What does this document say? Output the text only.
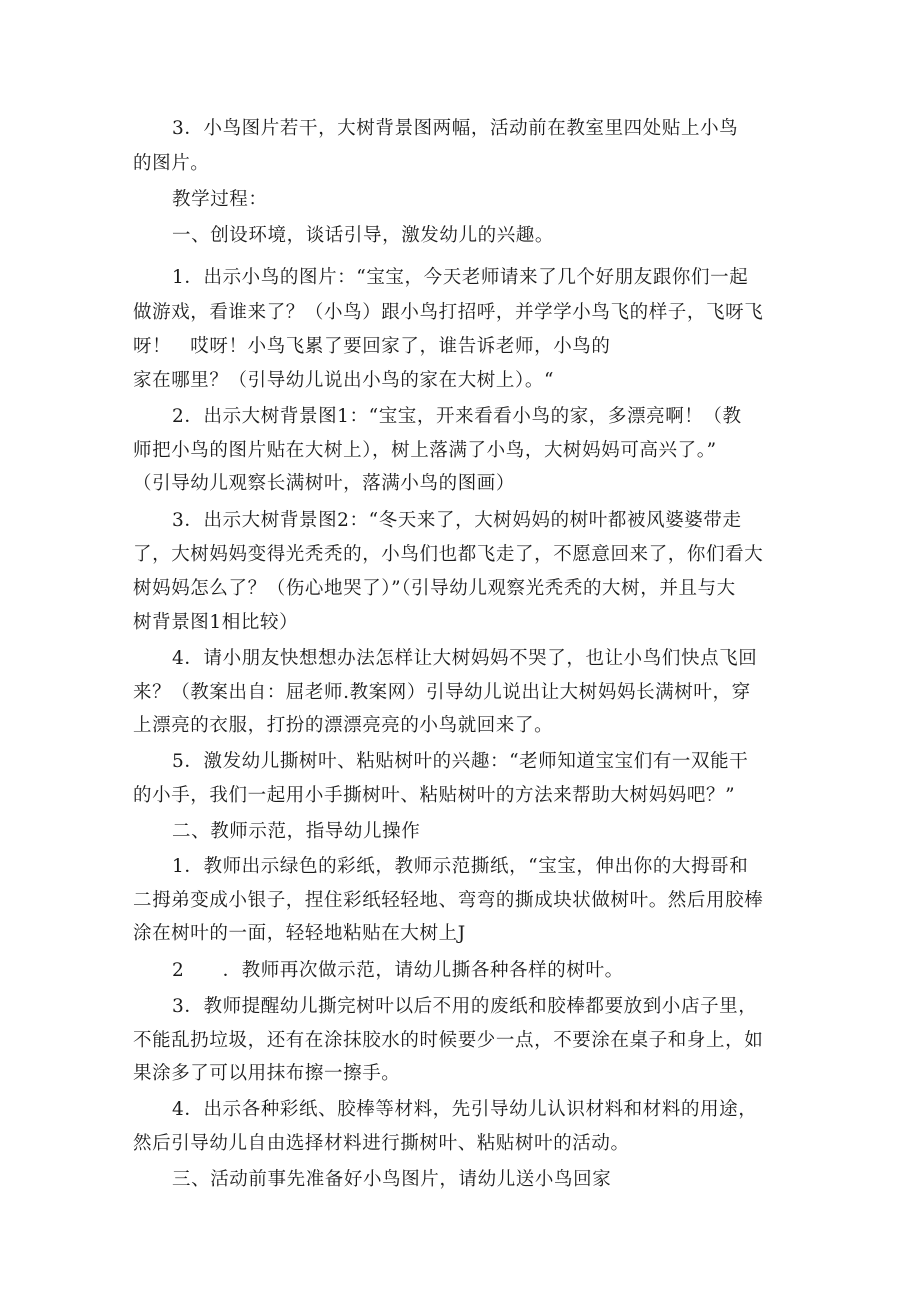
3．小鸟图片若干，大树背景图两幅，活动前在教室里四处贴上小鸟
的图片。
教学过程：
一、创设环境，谈话引导，激发幼儿的兴趣。
1．出示小鸟的图片：“宝宝，今天老师请来了几个好朋友跟你们一起
做游戏，看谁来了？（小鸟）跟小鸟打招呼，并学学小鸟飞的样子，飞呀飞
呀！　哎呀！小鸟飞累了要回家了，谁告诉老师，小鸟的
家在哪里？（引导幼儿说出小鸟的家在大树上）。“
2．出示大树背景图1：“宝宝，开来看看小鸟的家，多漂亮啊！（教
师把小鸟的图片贴在大树上），树上落满了小鸟，大树妈妈可高兴了。”
（引导幼儿观察长满树叶，落满小鸟的图画）
3．出示大树背景图2：“冬天来了，大树妈妈的树叶都被风婆婆带走
了，大树妈妈变得光秃秃的，小鸟们也都飞走了，不愿意回来了，你们看大
树妈妈怎么了？（伤心地哭了）”（引导幼儿观察光秃秃的大树，并且与大
树背景图1相比较）
4．请小朋友快想想办法怎样让大树妈妈不哭了，也让小鸟们快点飞回
来？（教案出自：屈老师.教案网）引导幼儿说出让大树妈妈长满树叶，穿
上漂亮的衣服，打扮的漂漂亮亮的小鸟就回来了。
5．激发幼儿撕树叶、粘贴树叶的兴趣：“老师知道宝宝们有一双能干
的小手，我们一起用小手撕树叶、粘贴树叶的方法来帮助大树妈妈吧？”
二、教师示范，指导幼儿操作
1．教师出示绿色的彩纸，教师示范撕纸，“宝宝，伸出你的大拇哥和
二拇弟变成小银子，捏住彩纸轻轻地、弯弯的撕成块状做树叶。然后用胶棒
涂在树叶的一面，轻轻地粘贴在大树上J
2　　．教师再次做示范，请幼儿撕各种各样的树叶。
3．教师提醒幼儿撕完树叶以后不用的废纸和胶棒都要放到小店子里，
不能乱扔垃圾，还有在涂抹胶水的时候要少一点，不要涂在桌子和身上，如
果涂多了可以用抹布擦一擦手。
4．出示各种彩纸、胶棒等材料，先引导幼儿认识材料和材料的用途，
然后引导幼儿自由选择材料进行撕树叶、粘贴树叶的活动。
三、活动前事先准备好小鸟图片，请幼儿送小鸟回家
